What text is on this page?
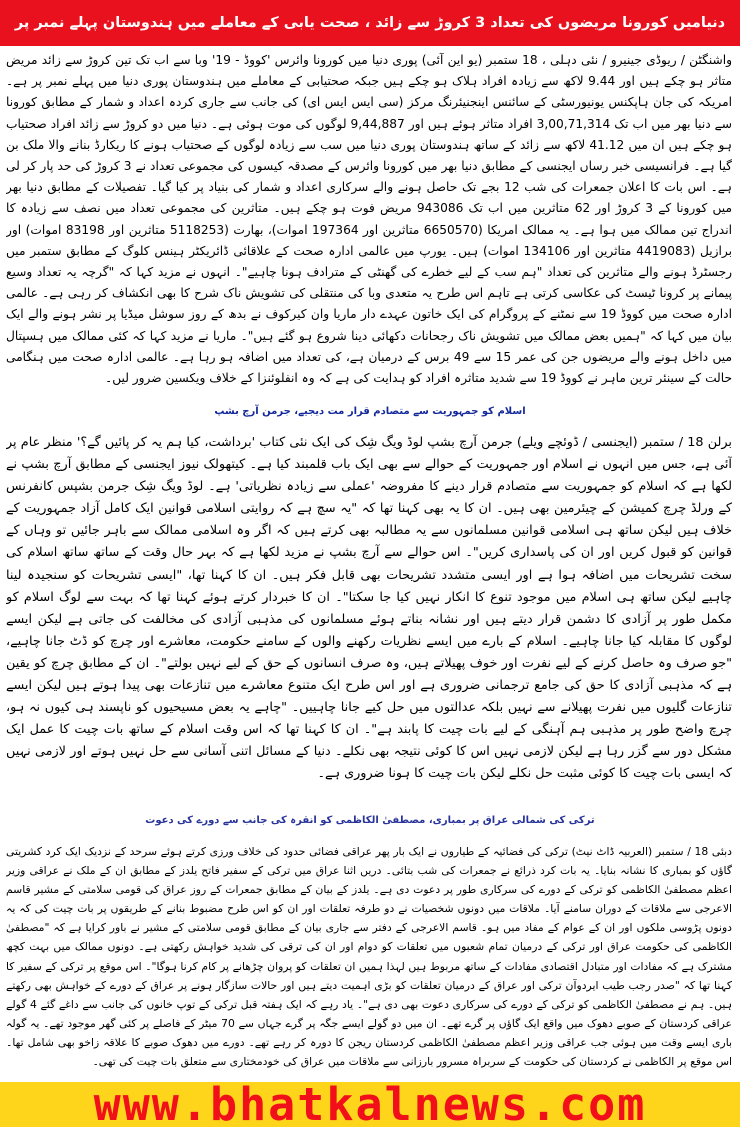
دنیامیں کورونا مریضوں کی تعداد 3 کروڑ سے زائد ، صحت یابی کے معاملے میں ہندوستان پہلے نمبر پر
واشنگٹن / ریوڈی جینیرو / نئی دہلی ، 18 ستمبر (یو این آئی) پوری دنیا میں کورونا وائرس 'کووڈ - 19' وبا سے اب تک تین کروڑ سے زائد مریض متاثر ہو چکے ہیں اور 9.44 لاکھ سے زیادہ افراد ہلاک ہو چکے ہیں جبکہ صحتیابی کے معاملے میں ہندوستان پوری دنیا میں پہلے نمبر پر ہے۔ امریکہ کی جان ہاپکنس یونیورسٹی کے سائنس اینجنیئرنگ مرکز (سی ایس ایس ای) کی جانب سے جاری کردہ اعداد و شمار کے مطابق کورونا سے دنیا بھر میں اب تک 3,00,71,314 افراد متاثر ہوئے ہیں اور 9,44,887 لوگوں کی موت ہوئی ہے۔ دنیا میں دو کروڑ سے زائد افراد صحتیاب ہو چکے ہیں ان میں 41.12 لاکھ سے زائد کے ساتھ ہندوستان پوری دنیا میں سب سے زیادہ لوگوں کے صحتیاب ہونے کا ریکارڈ بنانے والا ملک بن گیا ہے۔ فرانسیسی خبر رساں ایجنسی کے مطابق دنیا بھر میں کورونا وائرس کے مصدقہ کیسوں کی مجموعی تعداد نے 3 کروڑ کی حد پار کر لی ہے۔ اس بات کا اعلان جمعرات کی شب 12 بجے تک حاصل ہونے والے سرکاری اعداد و شمار کی بنیاد پر کیا گیا۔ تفصیلات کے مطابق دنیا بھر میں کورونا کے 3 کروڑ اور 62 متاثرین میں اب تک 943086 مریض فوت ہو چکے ہیں۔ متاثرین کی مجموعی تعداد میں نصف سے زیادہ کا اندراج تین ممالک میں ہوا ہے۔ یہ ممالک امریکا (6650570 متاثرین اور 197364 اموات)، بھارت (5118253 متاثرین اور 83198 اموات) اور برازیل (4419083 متاثرین اور 134106 اموات) ہیں۔ یورپ میں عالمی ادارہ صحت کے علاقائی ڈائریکٹر ہینس کلوگ کے مطابق ستمبر میں رجسٹرڈ ہونے والے متاثرین کی تعداد "ہم سب کے لیے خطرے کی گھنٹی کے مترادف ہونا چاہیے"۔ انہوں نے مزید کہا کہ "گرچہ یہ تعداد وسیع پیمانے پر کرونا ٹیسٹ کی عکاسی کرتی ہے تاہم اس طرح یہ متعدی وبا کی منتقلی کی تشویش ناک شرح کا بھی انکشاف کر رہی ہے۔ عالمی ادارہ صحت میں کووڈ 19 سے نمٹنے کے پروگرام کی ایک خاتون عہدے دار ماریا وان کیرکوف نے بدھ کے روز سوشل میڈیا پر نشر ہونے والے ایک بیان میں کہا کہ "ہمیں بعض ممالک میں تشویش ناک رجحانات دکھائی دینا شروع ہو گئے ہیں"۔ ماریا نے مزید کہا کہ کئی ممالک میں ہسپتال میں داخل ہونے والے مریضوں جن کی عمر 15 سے 49 برس کے درمیان ہے، کی تعداد میں اضافہ ہو رہا ہے۔ عالمی ادارہ صحت میں ہنگامی حالت کے سینئر ترین ماہر نے کووڈ 19 سے شدید متاثرہ افراد کو ہدایت کی ہے کہ وہ انفلوئنزا کے خلاف ویکسین ضرور لیں۔
اسلام کو جمہوریت سے متصادم قرار مت دیجیے، جرمن آرچ بشپ
برلن 18 / ستمبر (ایجنسی / ڈوئچے ویلے) جرمن آرچ بشپ لوڈ ویگ شِک کی ایک نئی کتاب 'برداشت، کیا ہم یہ کر پائیں گے؟' منظر عام پر آئی ہے، جس میں انہوں نے اسلام اور جمہوریت کے حوالے سے بھی ایک باب قلمبند کیا ہے۔ کیتھولک نیوز ایجنسی کے مطابق آرچ بشپ نے لکھا ہے کہ اسلام کو جمہوریت سے متصادم قرار دینے کا مفروضہ 'عملی سے زیادہ نظریاتی' ہے۔ لوڈ ویگ شِک جرمن بشپس کانفرنس کے ورلڈ چرچ کمیشن کے چیئرمین بھی ہیں۔ ان کا یہ بھی کہنا تھا کہ "یہ سچ ہے کہ روایتی اسلامی قوانین ایک کامل آزاد جمہوریت کے خلاف ہیں لیکن ساتھ ہی اسلامی قوانین مسلمانوں سے یہ مطالبہ بھی کرتے ہیں کہ اگر وہ اسلامی ممالک سے باہر جائیں تو وہاں کے قوانین کو قبول کریں اور ان کی پاسداری کریں"۔ اس حوالے سے آرچ بشپ نے مزید لکھا ہے کہ بہر حال وقت کے ساتھ ساتھ اسلام کی سخت تشریحات میں اضافہ ہوا ہے اور ایسی متشدد تشریحات بھی قابل فکر ہیں۔ ان کا کہنا تھا، "ایسی تشریحات کو سنجیدہ لینا چاہیے لیکن ساتھ ہی اسلام میں موجود تنوع کا انکار نہیں کیا جا سکتا"۔ ان کا خبردار کرتے ہوئے کہنا تھا کہ بہت سے لوگ اسلام کو مکمل طور پر آزادی کا دشمن قرار دیتے ہیں اور نشانہ بناتے ہوئے مسلمانوں کی مذہبی آزادی کی مخالفت کی جاتی ہے لیکن ایسے لوگوں کا مقابلہ کیا جانا چاہیے۔ اسلام کے بارے میں ایسے نظریات رکھنے والوں کے سامنے حکومت، معاشرے اور چرچ کو ڈٹ جانا چاہیے، "جو صرف وہ حاصل کرنے کے لیے نفرت اور خوف پھیلاتے ہیں، وہ صرف انسانوں کے حق کے لیے نہیں بولتے"۔ ان کے مطابق چرچ کو یقین ہے کہ مذہبی آزادی کا حق کی جامع ترجمانی ضروری ہے اور اس طرح ایک متنوع معاشرے میں تنازعات بھی پیدا ہوتے ہیں لیکن ایسے تنازعات گلیوں میں نفرت پھیلانے سے نہیں بلکہ عدالتوں میں حل کیے جانا چاہییں۔ "چاہے یہ بعض مسیحیوں کو ناپسند ہی کیوں نہ ہو، چرچ واضح طور پر مذہبی ہم آہنگی کے لیے بات چیت کا پابند ہے"۔ ان کا کہنا تھا کہ اس وقت اسلام کے ساتھ بات چیت کا عمل ایک مشکل دور سے گزر رہا ہے لیکن لازمی نہیں اس کا کوئی نتیجہ بھی نکلے۔ دنیا کے مسائل اتنی آسانی سے حل نہیں ہوتے اور لازمی نہیں کہ ایسی بات چیت کا کوئی مثبت حل نکلے لیکن بات چیت کا ہونا ضروری ہے۔
ترکی کی شمالی عراق پر بمباری، مصطفیٰ الکاظمی کو انقرہ کی جانب سے دورے کی دعوت
دبئی 18 / ستمبر (العربیہ ڈاٹ نیٹ) ترکی کی فضائیہ کے طیاروں نے ایک بار پھر عراقی فضائی حدود کی خلاف ورزی کرتے ہوئے سرحد کے نزدیک ایک کرد کشریتی گاؤں کو بمباری کا نشانہ بنایا۔ یہ بات کرد ذرائع نے جمعرات کی شب بتائی۔ دریں اثنا عراق میں ترکی کے سفیر فاتح یلدز کے مطابق ان کے ملک نے عراقی وزیر اعظم مصطفیٰ الکاظمی کو ترکی کے دورے کی سرکاری طور پر دعوت دی ہے۔ یلدز کے بیان کے مطابق جمعرات کے روز عراق کی قومی سلامتی کے مشیر قاسم الاعرجی سے ملاقات کے دوران سامنے آیا۔ ملاقات میں دونوں شخصیات نے دو طرفہ تعلقات اور ان کو اس طرح مضبوط بنانے کے طریقوں پر بات چیت کی کہ یہ دونوں پڑوسی ملکوں اور ان کے عوام کے مفاد میں ہو۔ قاسم الاعرجی کے دفتر سے جاری بیان کے مطابق قومی سلامتی کے مشیر نے باور کرایا ہے کہ "مصطفیٰ الکاظمی کی حکومت عراق اور ترکی کے درمیان تمام شعبوں میں تعلقات کو دوام اور ان کی ترقی کی شدید خواہش رکھتی ہے۔ دونوں ممالک میں بہت کچھ مشترک ہے کہ مفادات اور متبادل اقتصادی مفادات کے ساتھ مربوط ہیں لہذا ہمیں ان تعلقات کو پروان چڑھانے پر کام کرنا ہوگا"۔ اس موقع پر ترکی کے سفیر کا کہنا تھا کہ "صدر رجب طیب ایردوآن ترکی اور عراق کے درمیان تعلقات کو بڑی اہمیت دیتے ہیں اور حالات سازگار ہونے پر عراق کے دورے کے خواہش بھی رکھتے ہیں۔ ہم نے مصطفیٰ الکاظمی کو ترکی کے دورے کی سرکاری دعوت بھی دی ہے"۔ یاد رہے کہ ایک ہفتہ قبل ترکی کے توپ خانوں کی جانب سے داغے گئے 4 گولے عراقی کردستان کے صوبے دھوک میں واقع ایک گاؤں پر گرے تھے۔ ان میں دو گولے ایسے جگہ پر گرے جہاں سے 70 میٹر کے فاصلے پر کئی گھر موجود تھے۔ یہ گولہ باری ایسے وقت میں ہوئی جب عراقی وزیر اعظم مصطفیٰ الکاظمی کردستان ریجن کا دورہ کر رہے تھے۔ دورے میں دھوک صوبے کا علاقہ زاخو بھی شامل تھا۔ اس موقع پر الکاظمی نے کردستان کی حکومت کے سربراہ مسرور بارزانی سے ملاقات میں عراق کی خودمختاری سے متعلق بات چیت کی تھی۔
www.bhatkalnews.com
